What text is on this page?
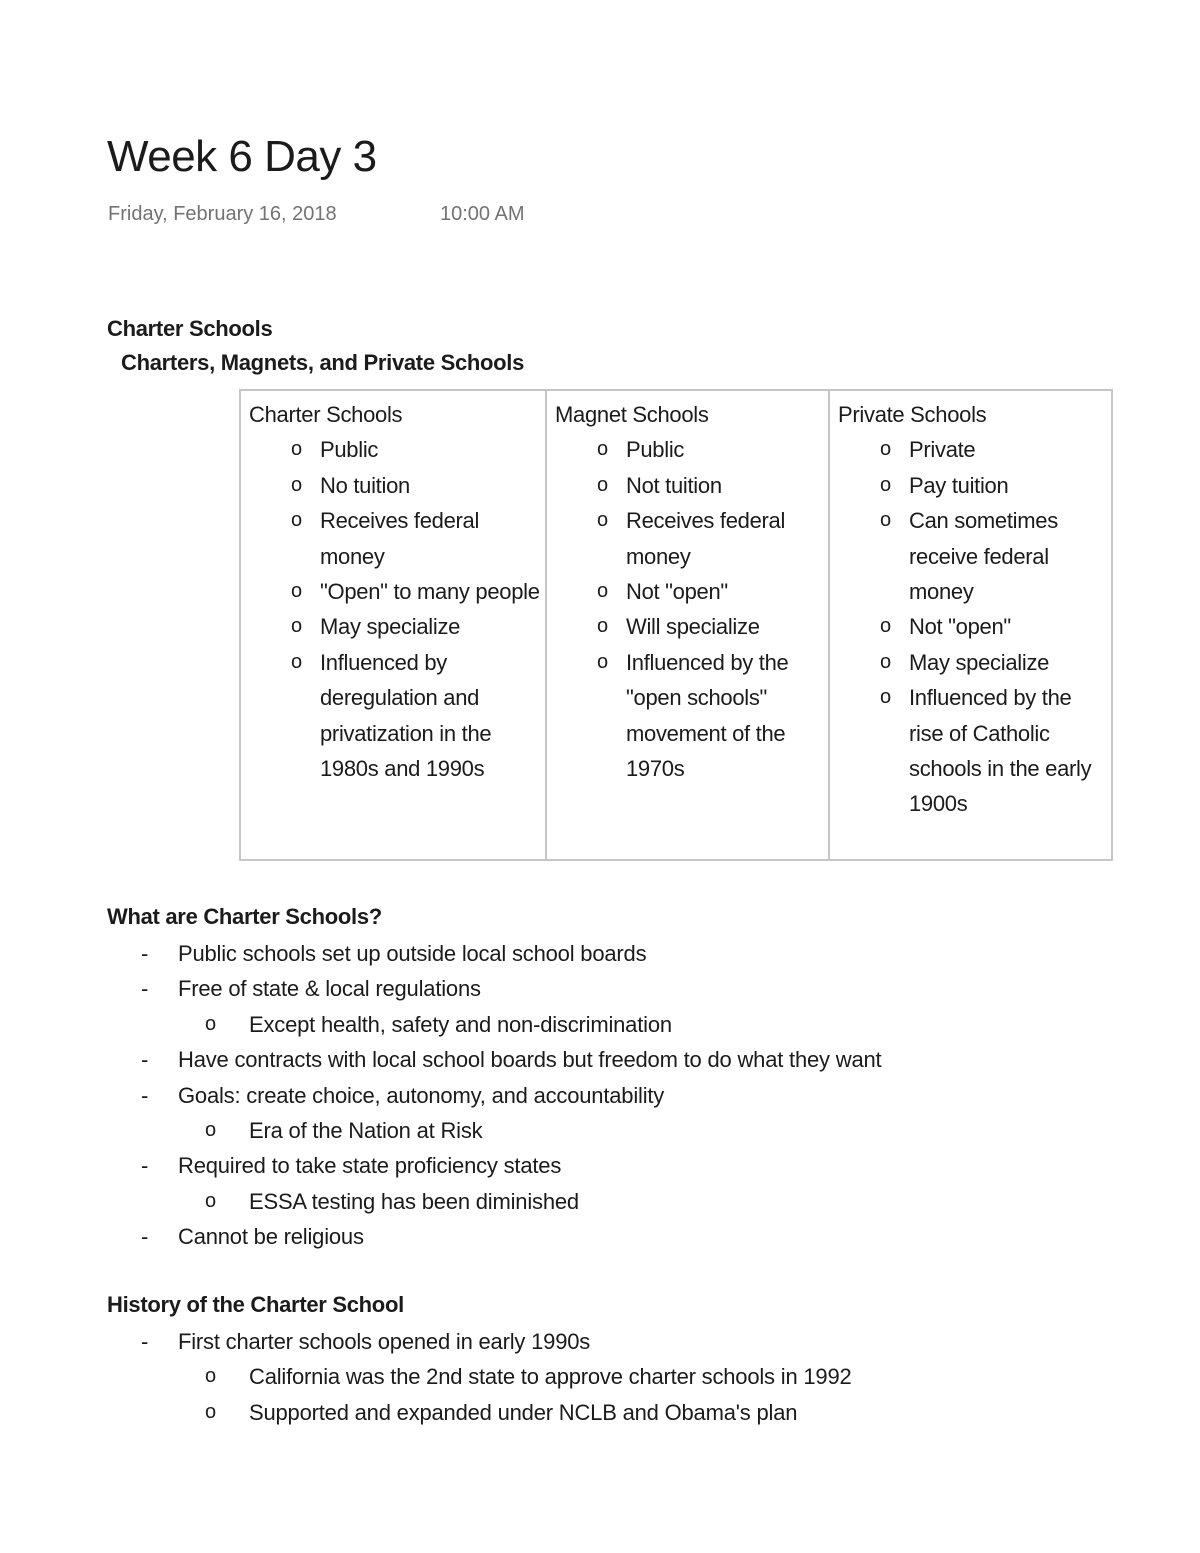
Week 6 Day 3
Friday, February 16, 2018	10:00 AM
Charter Schools
Charters, Magnets, and Private Schools
Charter Schools
o Public
o No tuition
o Receives federal money
o "Open" to many people
o May specialize
o Influenced by deregulation and privatization in the 1980s and 1990s
Magnet Schools
o Public
o Not tuition
o Receives federal money
o Not "open"
o Will specialize
o Influenced by the "open schools" movement of the 1970s
Private Schools
o Private
o Pay tuition
o Can sometimes receive federal money
o Not "open"
o May specialize
o Influenced by the rise of Catholic schools in the early 1900s
What are Charter Schools?
- Public schools set up outside local school boards
- Free of state & local regulations
o Except health, safety and non-discrimination
- Have contracts with local school boards but freedom to do what they want
- Goals: create choice, autonomy, and accountability
o Era of the Nation at Risk
- Required to take state proficiency states
o ESSA testing has been diminished
- Cannot be religious
History of the Charter School
- First charter schools opened in early 1990s
o California was the 2nd state to approve charter schools in 1992
o Supported and expanded under NCLB and Obama's plan
